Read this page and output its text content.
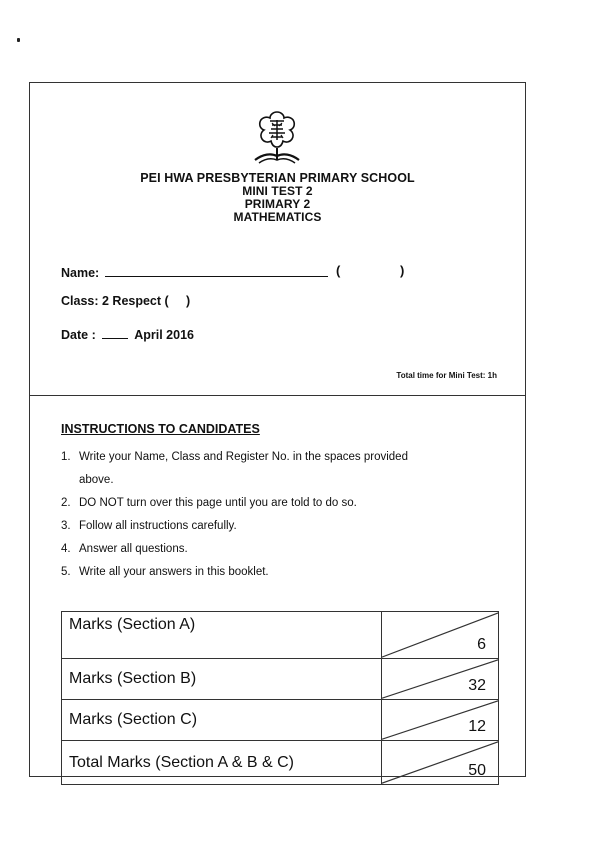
PEI HWA PRESBYTERIAN PRIMARY SCHOOL
MINI TEST 2
PRIMARY 2
MATHEMATICS
Name:	( )
Class: 2 Respect (     )
Date :	April 2016
Total time for Mini Test: 1h
INSTRUCTIONS TO CANDIDATES
1. Write your Name, Class and Register No. in the spaces provided
above.
2. DO NOT turn over this page until you are told to do so.
3. Follow all instructions carefully.
4. Answer all questions.
5. Write all your answers in this booklet.
Marks (Section A)	6

Marks (Section B)	32

Marks (Section C)	12

Total Marks (Section A & B & C)	50
